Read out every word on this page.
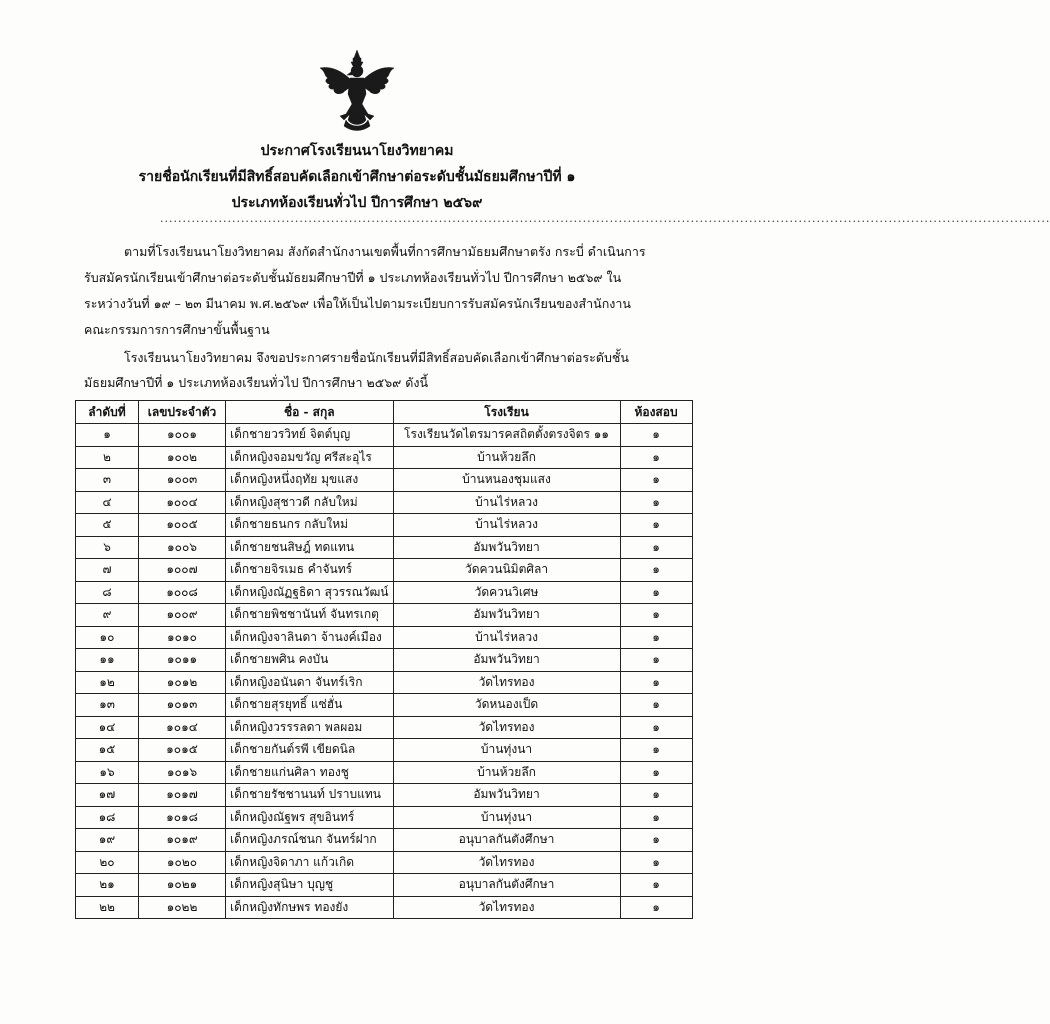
ประกาศโรงเรียนนาโยงวิทยาคม
รายชื่อนักเรียนที่มีสิทธิ์สอบคัดเลือกเข้าศึกษาต่อระดับชั้นมัธยมศึกษาปีที่ ๑
ประเภทห้องเรียนทั่วไป ปีการศึกษา ๒๕๖๙
......................................................................................................................................................................................................
ตามที่โรงเรียนนาโยงวิทยาคม สังกัดสำนักงานเขตพื้นที่การศึกษามัธยมศึกษาตรัง กระบี่ ดำเนินการ
รับสมัครนักเรียนเข้าศึกษาต่อระดับชั้นมัธยมศึกษาปีที่ ๑ ประเภทห้องเรียนทั่วไป ปีการศึกษา ๒๕๖๙ ใน
ระหว่างวันที่ ๑๙ – ๒๓ มีนาคม พ.ศ.๒๕๖๙ เพื่อให้เป็นไปตามระเบียบการรับสมัครนักเรียนของสำนักงาน
คณะกรรมการการศึกษาขั้นพื้นฐาน
โรงเรียนนาโยงวิทยาคม จึงขอประกาศรายชื่อนักเรียนที่มีสิทธิ์สอบคัดเลือกเข้าศึกษาต่อระดับชั้น
มัธยมศึกษาปีที่ ๑ ประเภทห้องเรียนทั่วไป ปีการศึกษา ๒๕๖๙ ดังนี้
ลำดับที่	เลขประจำตัว	ชื่อ - สกุล	โรงเรียน	ห้องสอบ
๑	๑๐๐๑	เด็กชายวรวิทย์ จิตต์บุญ	โรงเรียนวัดไตรมารคสถิตตั้งตรงจิตร ๑๑	๑
๒	๑๐๐๒	เด็กหญิงจอมขวัญ ศรีสะอุไร	บ้านห้วยลึก	๑
๓	๑๐๐๓	เด็กหญิงหนึ่งฤทัย มุขแสง	บ้านหนองชุมแสง	๑
๔	๑๐๐๔	เด็กหญิงสุชาวดี กลับใหม่	บ้านไร่หลวง	๑
๕	๑๐๐๕	เด็กชายธนกร กลับใหม่	บ้านไร่หลวง	๑
๖	๑๐๐๖	เด็กชายชนสิษฎ์ ทดแทน	อัมพวันวิทยา	๑
๗	๑๐๐๗	เด็กชายจิรเมธ คำจันทร์	วัดควนนิมิตศิลา	๑
๘	๑๐๐๘	เด็กหญิงณัฏฐธิดา สุวรรณวัฒน์	วัดควนวิเศษ	๑
๙	๑๐๐๙	เด็กชายพิชชานันท์ จันทรเกตุ	อัมพวันวิทยา	๑
๑๐	๑๐๑๐	เด็กหญิงจาลินดา จ้านงค์เมือง	บ้านไร่หลวง	๑
๑๑	๑๐๑๑	เด็กชายพศิน คงบัน	อัมพวันวิทยา	๑
๑๒	๑๐๑๒	เด็กหญิงอนันดา จันทร์เริก	วัดไทรทอง	๑
๑๓	๑๐๑๓	เด็กชายสุรยุทธิ์ แซ่ฮั่น	วัดหนองเป็ด	๑
๑๔	๑๐๑๔	เด็กหญิงวรรรลดา พลผอม	วัดไทรทอง	๑
๑๕	๑๐๑๕	เด็กชายกันต์รพี เขียดนิล	บ้านทุ่งนา	๑
๑๖	๑๐๑๖	เด็กชายแก่นศิลา ทองชู	บ้านห้วยลึก	๑
๑๗	๑๐๑๗	เด็กชายรัชชานนท์ ปราบแทน	อัมพวันวิทยา	๑
๑๘	๑๐๑๘	เด็กหญิงณัฐพร สุขอินทร์	บ้านทุ่งนา	๑
๑๙	๑๐๑๙	เด็กหญิงภรณ์ชนก จันทร์ฝาก	อนุบาลกันตังศึกษา	๑
๒๐	๑๐๒๐	เด็กหญิงจิดาภา แก้วเกิด	วัดไทรทอง	๑
๒๑	๑๐๒๑	เด็กหญิงสุนิษา บุญชู	อนุบาลกันตังศึกษา	๑
๒๒	๑๐๒๒	เด็กหญิงทักษพร ทองยัง	วัดไทรทอง	๑
